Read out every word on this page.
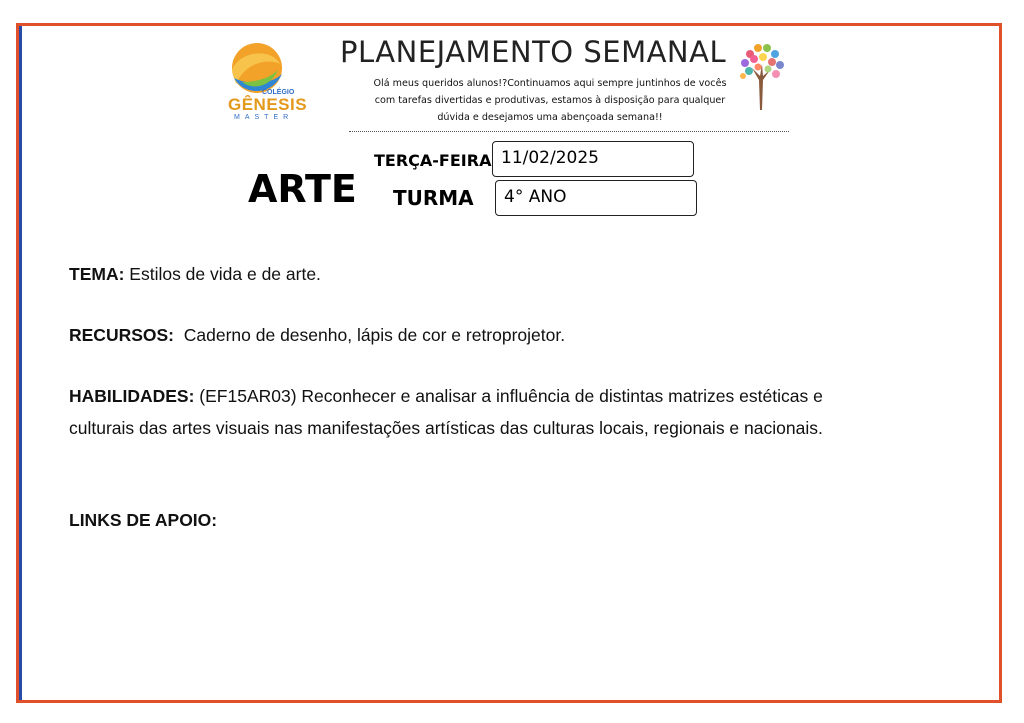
COLÉGIO
GÊNESIS
MASTER
PLANEJAMENTO SEMANAL
Olá meus queridos alunos!?Continuamos aqui sempre juntinhos de vocês
com tarefas divertidas e produtivas, estamos à disposição para qualquer
dúvida e desejamos uma abençoada semana!!
ARTE
TERÇA-FEIRA 11/02/2025
TURMA	4° ANO
TEMA: Estilos de vida e de arte.
RECURSOS: Caderno de desenho, lápis de cor e retroprojetor.
HABILIDADES: (EF15AR03) Reconhecer e analisar a influência de distintas matrizes estéticas e
culturais das artes visuais nas manifestações artísticas das culturas locais, regionais e nacionais.
LINKS DE APOIO:
